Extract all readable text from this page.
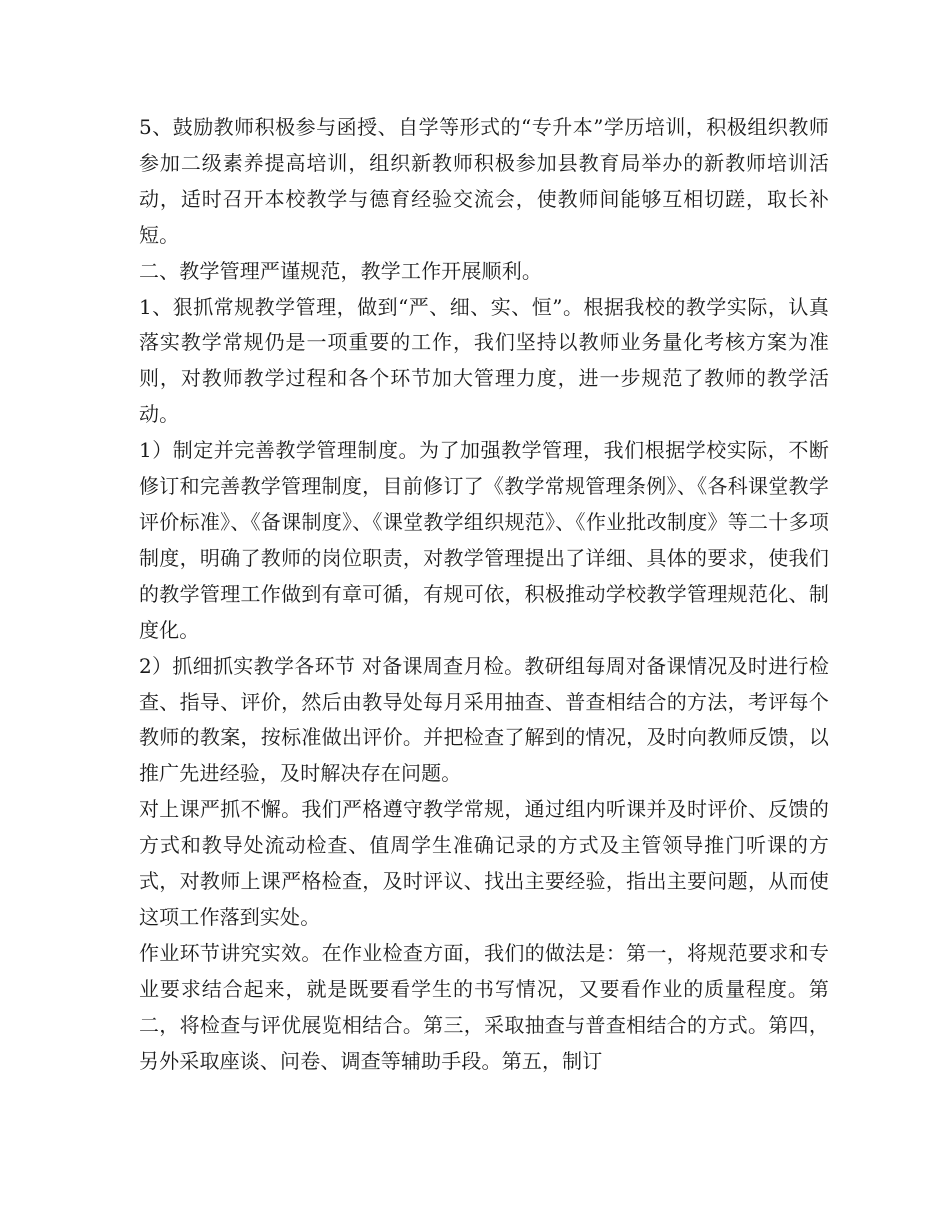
5、鼓励教师积极参与函授、自学等形式的“专升本”学历培训，积极组织教师参加二级素养提高培训，组织新教师积极参加县教育局举办的新教师培训活动，适时召开本校教学与德育经验交流会，使教师间能够互相切蹉，取长补短。

二、教学管理严谨规范，教学工作开展顺利。

1、狠抓常规教学管理，做到“严、细、实、恒”。根据我校的教学实际，认真落实教学常规仍是一项重要的工作，我们坚持以教师业务量化考核方案为准则，对教师教学过程和各个环节加大管理力度，进一步规范了教师的教学活动。

1）制定并完善教学管理制度。为了加强教学管理，我们根据学校实际，不断修订和完善教学管理制度，目前修订了《教学常规管理条例》、《各科课堂教学评价标准》、《备课制度》、《课堂教学组织规范》、《作业批改制度》等二十多项制度，明确了教师的岗位职责，对教学管理提出了详细、具体的要求，使我们的教学管理工作做到有章可循，有规可依，积极推动学校教学管理规范化、制度化。

2）抓细抓实教学各环节 对备课周查月检。教研组每周对备课情况及时进行检查、指导、评价，然后由教导处每月采用抽查、普查相结合的方法，考评每个教师的教案，按标准做出评价。并把检查了解到的情况，及时向教师反馈，以推广先进经验，及时解决存在问题。

对上课严抓不懈。我们严格遵守教学常规，通过组内听课并及时评价、反馈的方式和教导处流动检查、值周学生准确记录的方式及主管领导推门听课的方式，对教师上课严格检查，及时评议、找出主要经验，指出主要问题，从而使这项工作落到实处。

作业环节讲究实效。在作业检查方面，我们的做法是：第一，将规范要求和专业要求结合起来，就是既要看学生的书写情况，又要看作业的质量程度。第二，将检查与评优展览相结合。第三，采取抽查与普查相结合的方式。第四，另外采取座谈、问卷、调查等辅助手段。第五，制订
